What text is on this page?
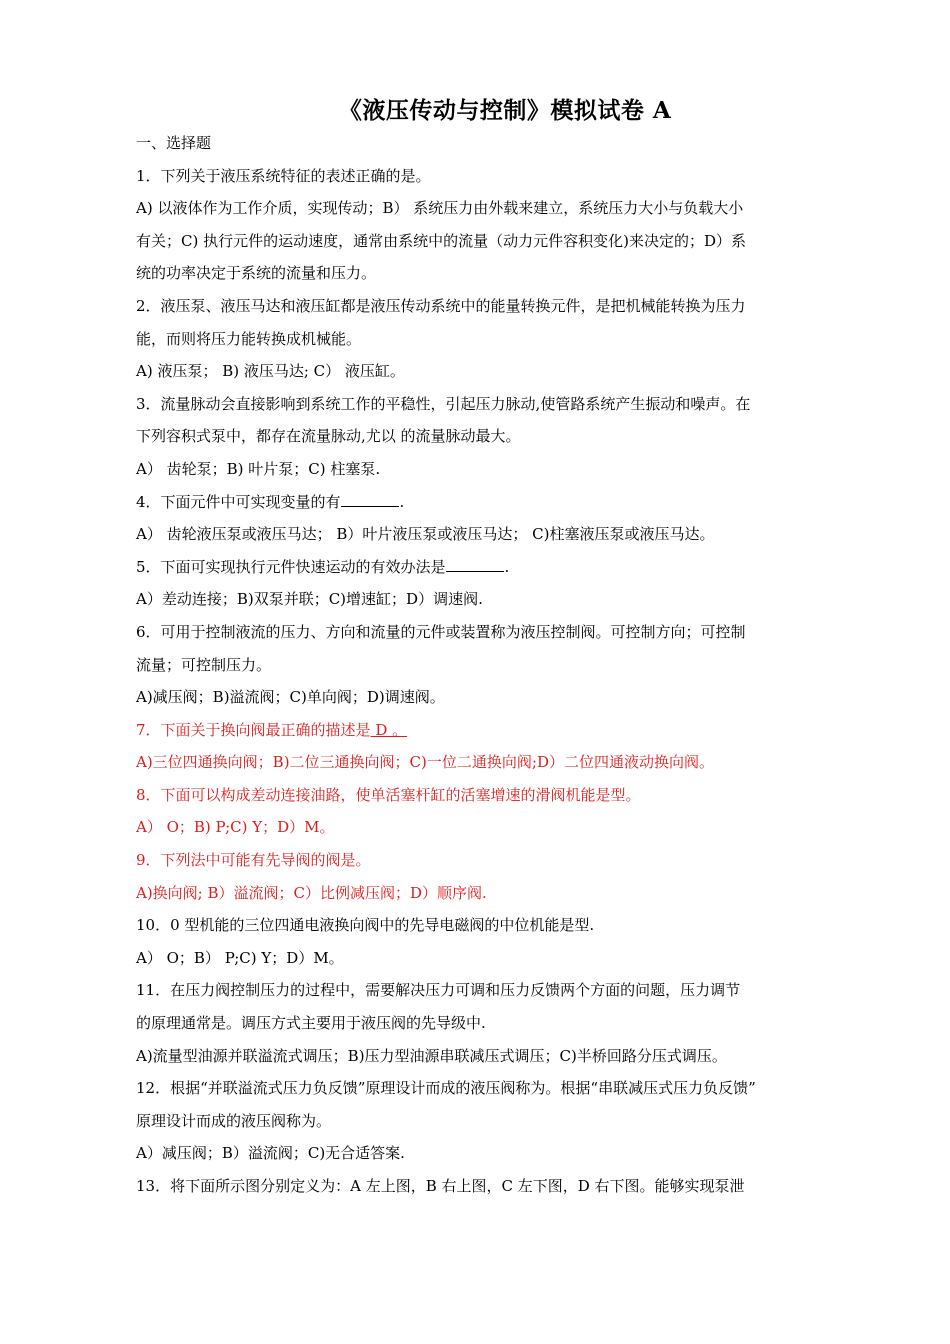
《液压传动与控制》模拟试卷 A
一、选择题
1．下列关于液压系统特征的表述正确的是。
A) 以液体作为工作介质，实现传动；B） 系统压力由外载来建立，系统压力大小与负载大小
有关；C) 执行元件的运动速度，通常由系统中的流量（动力元件容积变化)来决定的；D）系
统的功率决定于系统的流量和压力。
2．液压泵、液压马达和液压缸都是液压传动系统中的能量转换元件，是把机械能转换为压力
能，而则将压力能转换成机械能。
A) 液压泵； B) 液压马达; C） 液压缸。
3．流量脉动会直接影响到系统工作的平稳性，引起压力脉动,使管路系统产生振动和噪声。在
下列容积式泵中，都存在流量脉动,尤以 的流量脉动最大。
A） 齿轮泵；B) 叶片泵；C) 柱塞泵.
4．下面元件中可实现变量的有	.
A） 齿轮液压泵或液压马达； B）叶片液压泵或液压马达； C)柱塞液压泵或液压马达。
5．下面可实现执行元件快速运动的有效办法是	.
A）差动连接；B)双泵并联；C)增速缸；D）调速阀.
6．可用于控制液流的压力、方向和流量的元件或装置称为液压控制阀。可控制方向；可控制
流量；可控制压力。
A)减压阀；B)溢流阀；C)单向阀；D)调速阀。
7．下面关于换向阀最正确的描述是 D 。
A)三位四通换向阀；B)二位三通换向阀；C)一位二通换向阀;D）二位四通液动换向阀。
8．下面可以构成差动连接油路，使单活塞杆缸的活塞增速的滑阀机能是型。
A） O；B) P;C) Y；D）M。
9．下列法中可能有先导阀的阀是。
A)换向阀; B）溢流阀；C）比例减压阀；D）顺序阀.
10．0 型机能的三位四通电液换向阀中的先导电磁阀的中位机能是型.
A） O；B） P;C) Y；D）M。
11．在压力阀控制压力的过程中，需要解决压力可调和压力反馈两个方面的问题，压力调节
的原理通常是。调压方式主要用于液压阀的先导级中.
A)流量型油源并联溢流式调压；B)压力型油源串联减压式调压；C)半桥回路分压式调压。
12．根据“并联溢流式压力负反馈”原理设计而成的液压阀称为。根据“串联减压式压力负反馈”
原理设计而成的液压阀称为。
A）减压阀；B）溢流阀；C)无合适答案.
13．将下面所示图分别定义为：A 左上图，B 右上图，C 左下图，D 右下图。能够实现泵泄
